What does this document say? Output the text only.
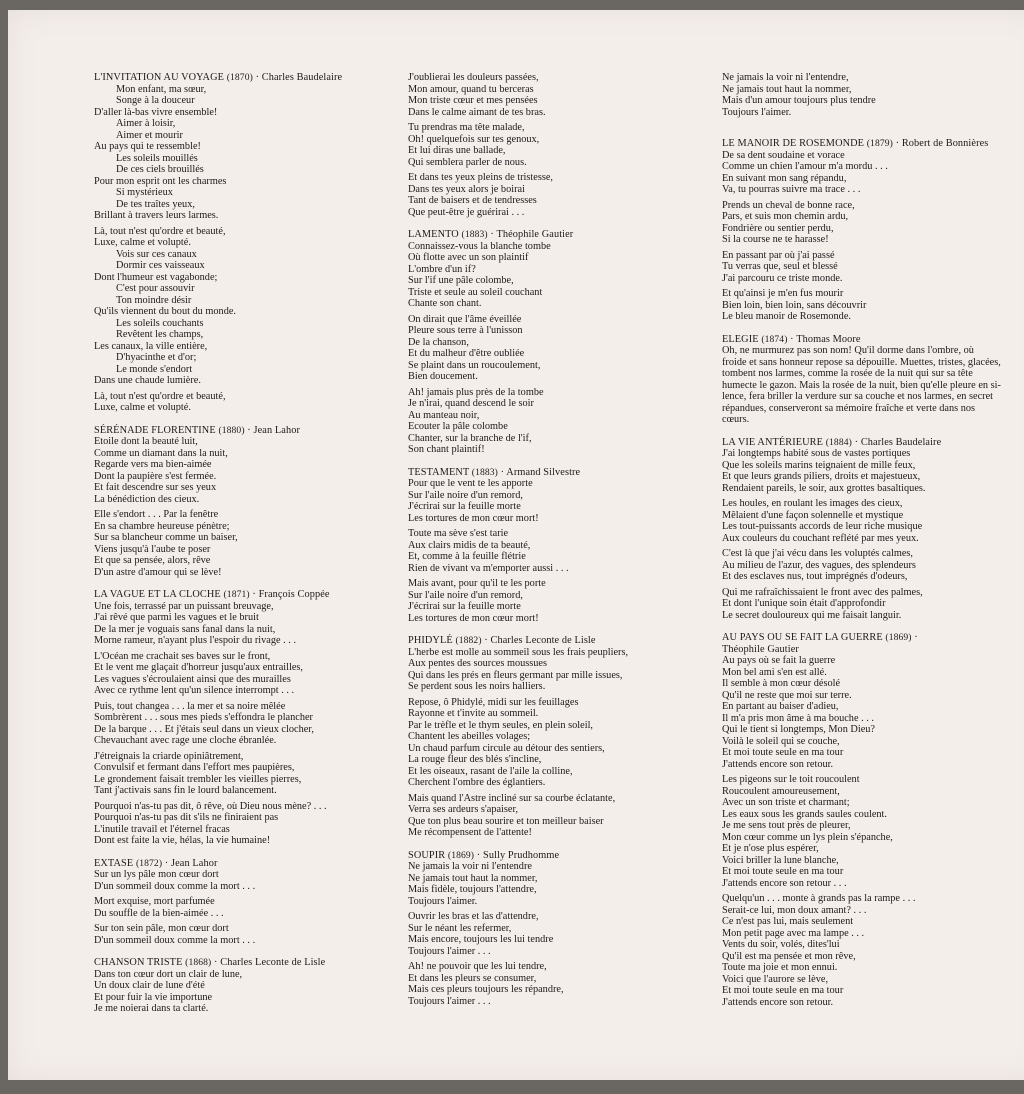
L'INVITATION AU VOYAGE (1870) · Charles Baudelaire
Mon enfant, ma sœur,
Songe à la douceur
D'aller là-bas vivre ensemble!
Aimer à loisir,
Aimer et mourir
Au pays qui te ressemble!
Les soleils mouillés
De ces ciels brouillés
Pour mon esprit ont les charmes
Si mystérieux
De tes traîtes yeux,
Brillant à travers leurs larmes.
Là, tout n'est qu'ordre et beauté,
Luxe, calme et volupté.
Vois sur ces canaux
Dormir ces vaisseaux
Dont l'humeur est vagabonde;
C'est pour assouvir
Ton moindre désir
Qu'ils viennent du bout du monde.
Les soleils couchants
Revêtent les champs,
Les canaux, la ville entière,
D'hyacinthe et d'or;
Le monde s'endort
Dans une chaude lumière.
Là, tout n'est qu'ordre et beauté,
Luxe, calme et volupté.
SÉRÉNADE FLORENTINE (1880) · Jean Lahor
Etoile dont la beauté luit,
Comme un diamant dans la nuit,
Regarde vers ma bien-aimée
Dont la paupière s'est fermée.
Et fait descendre sur ses yeux
La bénédiction des cieux.
Elle s'endort . . . Par la fenêtre
En sa chambre heureuse pénètre;
Sur sa blancheur comme un baiser,
Viens jusqu'à l'aube te poser
Et que sa pensée, alors, rêve
D'un astre d'amour qui se lève!
LA VAGUE ET LA CLOCHE (1871) · François Coppée
Une fois, terrassé par un puissant breuvage,
J'ai rêvé que parmi les vagues et le bruit
De la mer je voguais sans fanal dans la nuit,
Morne rameur, n'ayant plus l'espoir du rivage . . .
L'Océan me crachait ses baves sur le front,
Et le vent me glaçait d'horreur jusqu'aux entrailles,
Les vagues s'écroulaient ainsi que des murailles
Avec ce rythme lent qu'un silence interrompt . . .
Puis, tout changea . . . la mer et sa noire mêlée
Sombrèrent . . . sous mes pieds s'effondra le plancher
De la barque . . . Et j'étais seul dans un vieux clocher,
Chevauchant avec rage une cloche ébranlée.
J'étreignais la criarde opiniâtrement,
Convulsif et fermant dans l'effort mes paupières,
Le grondement faisait trembler les vieilles pierres,
Tant j'activais sans fin le lourd balancement.
Pourquoi n'as-tu pas dit, ô rêve, où Dieu nous mène? . . .
Pourquoi n'as-tu pas dit s'ils ne finiraient pas
L'inutile travail et l'éternel fracas
Dont est faite la vie, hélas, la vie humaine!
EXTASE (1872) · Jean Lahor
Sur un lys pâle mon cœur dort
D'un sommeil doux comme la mort . . .
Mort exquise, mort parfumée
Du souffle de la bien-aimée . . .
Sur ton sein pâle, mon cœur dort
D'un sommeil doux comme la mort . . .
CHANSON TRISTE (1868) · Charles Leconte de Lisle
Dans ton cœur dort un clair de lune,
Un doux clair de lune d'été
Et pour fuir la vie importune
Je me noierai dans ta clarté.
J'oublierai les douleurs passées,
Mon amour, quand tu berceras
Mon triste cœur et mes pensées
Dans le calme aimant de tes bras.
Tu prendras ma tête malade,
Oh! quelquefois sur tes genoux,
Et lui diras une ballade,
Qui semblera parler de nous.
Et dans tes yeux pleins de tristesse,
Dans tes yeux alors je boirai
Tant de baisers et de tendresses
Que peut-être je guérirai . . .
LAMENTO (1883) · Théophile Gautier
Connaissez-vous la blanche tombe
Où flotte avec un son plaintif
L'ombre d'un if?
Sur l'if une pâle colombe,
Triste et seule au soleil couchant
Chante son chant.
On dirait que l'âme éveillée
Pleure sous terre à l'unisson
De la chanson,
Et du malheur d'être oubliée
Se plaint dans un roucoulement,
Bien doucement.
Ah! jamais plus près de la tombe
Je n'irai, quand descend le soir
Au manteau noir,
Ecouter la pâle colombe
Chanter, sur la branche de l'if,
Son chant plaintif!
TESTAMENT (1883) · Armand Silvestre
Pour que le vent te les apporte
Sur l'aile noire d'un remord,
J'écrirai sur la feuille morte
Les tortures de mon cœur mort!
Toute ma sève s'est tarie
Aux clairs midis de ta beauté,
Et, comme à la feuille flétrie
Rien de vivant va m'emporter aussi . . .
Mais avant, pour qu'il te les porte
Sur l'aile noire d'un remord,
J'écrirai sur la feuille morte
Les tortures de mon cœur mort!
PHIDYLÉ (1882) · Charles Leconte de Lisle
L'herbe est molle au sommeil sous les frais peupliers,
Aux pentes des sources moussues
Qui dans les prés en fleurs germant par mille issues,
Se perdent sous les noirs halliers.
Repose, ô Phidylé, midi sur les feuillages
Rayonne et t'invite au sommeil.
Par le trèfle et le thym seules, en plein soleil,
Chantent les abeilles volages;
Un chaud parfum circule au détour des sentiers,
La rouge fleur des blés s'incline,
Et les oiseaux, rasant de l'aile la colline,
Cherchent l'ombre des églantiers.
Mais quand l'Astre incliné sur sa courbe éclatante,
Verra ses ardeurs s'apaiser,
Que ton plus beau sourire et ton meilleur baiser
Me récompensent de l'attente!
SOUPIR (1869) · Sully Prudhomme
Ne jamais la voir ni l'entendre
Ne jamais tout haut la nommer,
Mais fidèle, toujours l'attendre,
Toujours l'aimer.
Ouvrir les bras et las d'attendre,
Sur le néant les refermer,
Mais encore, toujours les lui tendre
Toujours l'aimer . . .
Ah! ne pouvoir que les lui tendre,
Et dans les pleurs se consumer,
Mais ces pleurs toujours les répandre,
Toujours l'aimer . . .
Ne jamais la voir ni l'entendre,
Ne jamais tout haut la nommer,
Mais d'un amour toujours plus tendre
Toujours l'aimer.
LE MANOIR DE ROSEMONDE (1879) · Robert de Bonnières
De sa dent soudaine et vorace
Comme un chien l'amour m'a mordu . . .
En suivant mon sang répandu,
Va, tu pourras suivre ma trace . . .
Prends un cheval de bonne race,
Pars, et suis mon chemin ardu,
Fondrière ou sentier perdu,
Si la course ne te harasse!
En passant par où j'ai passé
Tu verras que, seul et blessé
J'ai parcouru ce triste monde.
Et qu'ainsi je m'en fus mourir
Bien loin, bien loin, sans découvrir
Le bleu manoir de Rosemonde.
ELEGIE (1874) · Thomas Moore
Oh, ne murmurez pas son nom! Qu'il dorme dans l'ombre, où
froide et sans honneur repose sa dépouille. Muettes, tristes, glacées,
tombent nos larmes, comme la rosée de la nuit qui sur sa tête
humecte le gazon. Mais la rosée de la nuit, bien qu'elle pleure en si-
lence, fera briller la verdure sur sa couche et nos larmes, en secret
répandues, conserveront sa mémoire fraîche et verte dans nos
cœurs.
LA VIE ANTÉRIEURE (1884) · Charles Baudelaire
J'ai longtemps habité sous de vastes portiques
Que les soleils marins teignaient de mille feux,
Et que leurs grands piliers, droits et majestueux,
Rendaient pareils, le soir, aux grottes basaltiques.
Les houles, en roulant les images des cieux,
Mêlaient d'une façon solennelle et mystique
Les tout-puissants accords de leur riche musique
Aux couleurs du couchant reflété par mes yeux.
C'est là que j'ai vécu dans les voluptés calmes,
Au milieu de l'azur, des vagues, des splendeurs
Et des esclaves nus, tout imprégnés d'odeurs,
Qui me rafraîchissaient le front avec des palmes,
Et dont l'unique soin était d'approfondir
Le secret douloureux qui me faisait languir.
AU PAYS OU SE FAIT LA GUERRE (1869) ·
Théophile Gautier
Au pays où se fait la guerre
Mon bel ami s'en est allé.
Il semble à mon cœur désolé
Qu'il ne reste que moi sur terre.
En partant au baiser d'adieu,
Il m'a pris mon âme à ma bouche . . .
Qui le tient si longtemps, Mon Dieu?
Voilà le soleil qui se couche,
Et moi toute seule en ma tour
J'attends encore son retour.
Les pigeons sur le toit roucoulent
Roucoulent amoureusement,
Avec un son triste et charmant;
Les eaux sous les grands saules coulent.
Je me sens tout près de pleurer,
Mon cœur comme un lys plein s'épanche,
Et je n'ose plus espérer,
Voici briller la lune blanche,
Et moi toute seule en ma tour
J'attends encore son retour . . .
Quelqu'un . . . monte à grands pas la rampe . . .
Serait-ce lui, mon doux amant? . . .
Ce n'est pas lui, mais seulement
Mon petit page avec ma lampe . . .
Vents du soir, volés, dites'lui
Qu'il est ma pensée et mon rêve,
Toute ma joie et mon ennui.
Voici que l'aurore se lève,
Et moi toute seule en ma tour
J'attends encore son retour.
